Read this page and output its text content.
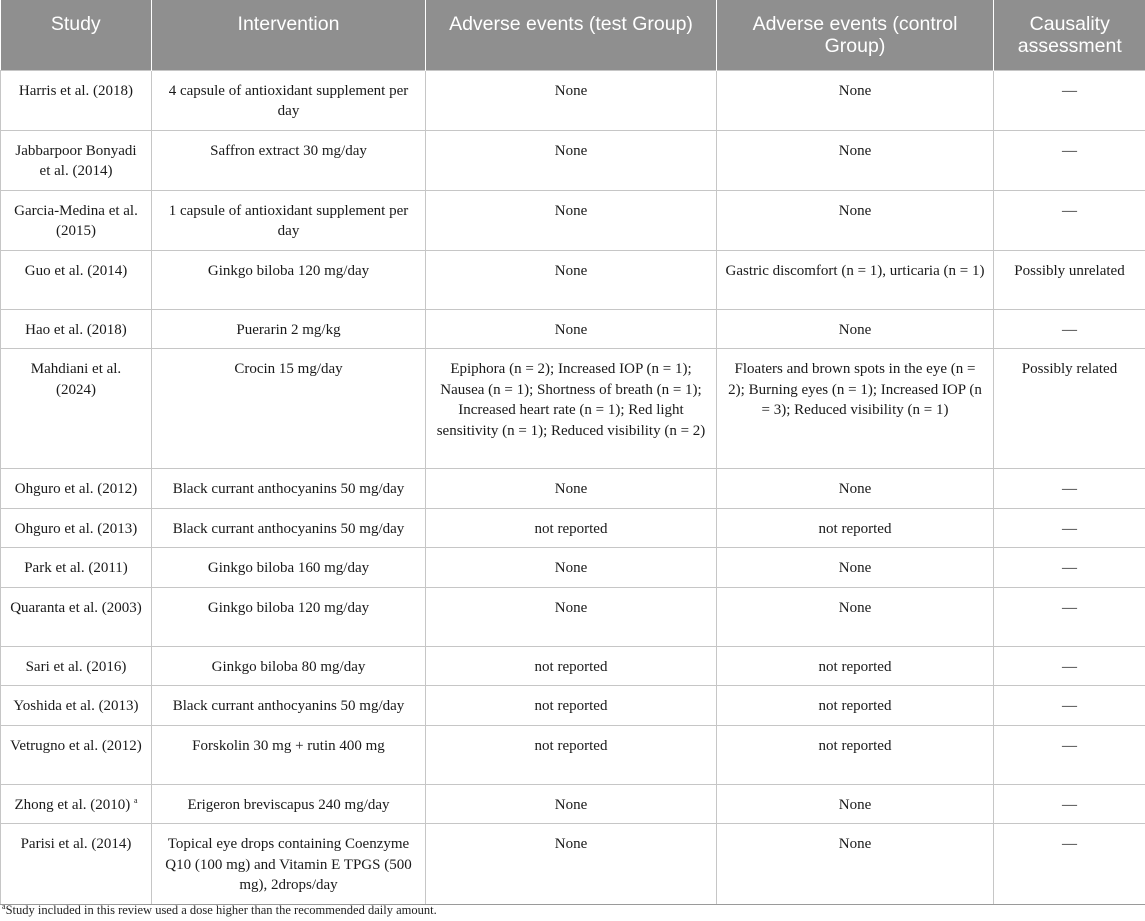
Study	Intervention	Adverse events (test Group)	Adverse events (control Group)	Causality assessment
Harris et al. (2018)	4 capsule of antioxidant supplement per day	None	None	—
Jabbarpoor Bonyadi et al. (2014)	Saffron extract 30 mg/day	None	None	—
Garcia-Medina et al. (2015)	1 capsule of antioxidant supplement per day	None	None	—
Guo et al. (2014)	Ginkgo biloba 120 mg/day	None	Gastric discomfort (n = 1), urticaria (n = 1)	Possibly unrelated
Hao et al. (2018)	Puerarin 2 mg/kg	None	None	—
Mahdiani et al. (2024)	Crocin 15 mg/day	Epiphora (n = 2); Increased IOP (n = 1); Nausea (n = 1); Shortness of breath (n = 1); Increased heart rate (n = 1); Red light sensitivity (n = 1); Reduced visibility (n = 2)	Floaters and brown spots in the eye (n = 2); Burning eyes (n = 1); Increased IOP (n = 3); Reduced visibility (n = 1)	Possibly related
Ohguro et al. (2012)	Black currant anthocyanins 50 mg/day	None	None	—
Ohguro et al. (2013)	Black currant anthocyanins 50 mg/day	not reported	not reported	—
Park et al. (2011)	Ginkgo biloba 160 mg/day	None	None	—
Quaranta et al. (2003)	Ginkgo biloba 120 mg/day	None	None	—
Sari et al. (2016)	Ginkgo biloba 80 mg/day	not reported	not reported	—
Yoshida et al. (2013)	Black currant anthocyanins 50 mg/day	not reported	not reported	—
Vetrugno et al. (2012)	Forskolin 30 mg + rutin 400 mg	not reported	not reported	—
Zhong et al. (2010) $^a$	Erigeron breviscapus 240 mg/day	None	None	—
Parisi et al. (2014)	Topical eye drops containing Coenzyme Q10 (100 mg) and Vitamin E TPGS (500 mg), 2drops/day	None	None	—
$^a$Study included in this review used a dose higher than the recommended daily amount.
